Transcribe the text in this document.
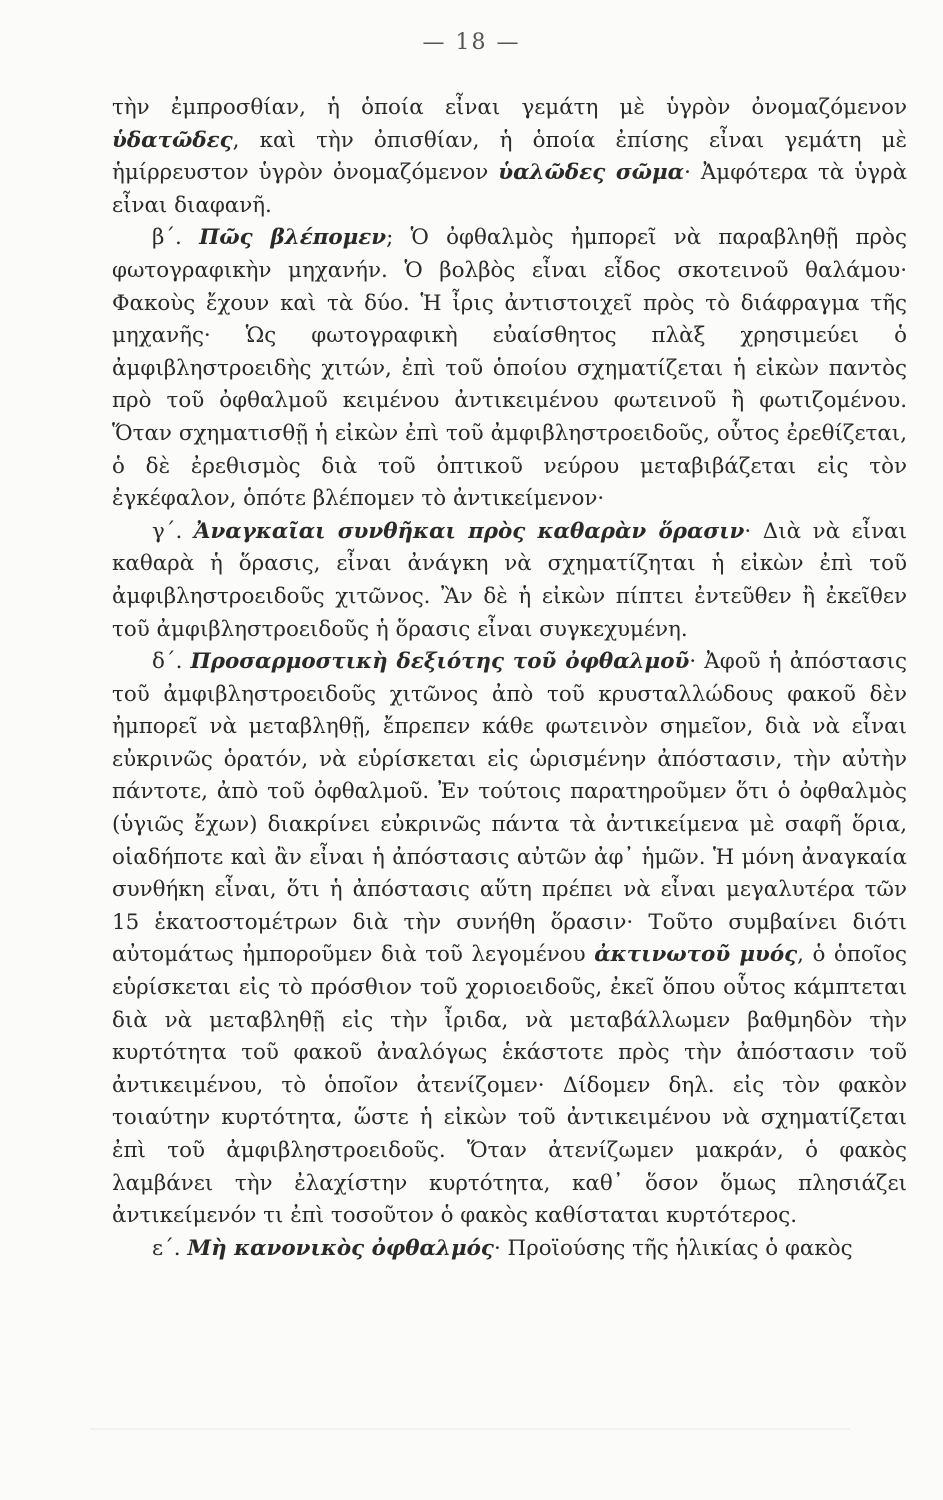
— 18 —

τὴν ἐμπροσθίαν, ἡ ὁποία εἶναι γεμάτη μὲ ὑγρὸν ὀνομαζόμενον ὑδατῶδες, καὶ τὴν ὀπισθίαν, ἡ ὁποία ἐπίσης εἶναι γεμάτη μὲ ἡμίρρευστον ὑγρὸν ὀνομαζόμενον ὑαλῶδες σῶμα· Ἀμφότερα τὰ ὑγρὰ εἶναι διαφανῆ.

β΄. Πῶς βλέπομεν; Ὁ ὀφθαλμὸς ἠμπορεῖ νὰ παραβληθῇ πρὸς φωτογραφικὴν μηχανήν. Ὁ βολβὸς εἶναι εἶδος σκοτεινοῦ θαλάμου· Φακοὺς ἔχουν καὶ τὰ δύο. Ἡ ἶρις ἀντιστοιχεῖ πρὸς τὸ διάφραγμα τῆς μηχανῆς· Ὡς φωτογραφικὴ εὐαίσθητος πλὰξ χρησιμεύει ὁ ἀμφιβληστροειδὴς χιτών, ἐπὶ τοῦ ὁποίου σχηματίζεται ἡ εἰκὼν παντὸς πρὸ τοῦ ὀφθαλμοῦ κειμένου ἀντικειμένου φωτεινοῦ ἢ φωτιζομένου. Ὅταν σχηματισθῇ ἡ εἰκὼν ἐπὶ τοῦ ἀμφιβληστροειδοῦς, οὗτος ἐρεθίζεται, ὁ δὲ ἐρεθισμὸς διὰ τοῦ ὀπτικοῦ νεύρου μεταβιβάζεται εἰς τὸν ἐγκέφαλον, ὁπότε βλέπομεν τὸ ἀντικείμενον·

γ΄. Ἀναγκαῖαι συνθῆκαι πρὸς καθαρὰν ὅρασιν· Διὰ νὰ εἶναι καθαρὰ ἡ ὅρασις, εἶναι ἀνάγκη νὰ σχηματίζηται ἡ εἰκὼν ἐπὶ τοῦ ἀμφιβληστροειδοῦς χιτῶνος. Ἂν δὲ ἡ εἰκὼν πίπτει ἐντεῦθεν ἢ ἐκεῖθεν τοῦ ἀμφιβληστροειδοῦς ἡ ὅρασις εἶναι συγκεχυμένη.

δ΄. Προσαρμοστικὴ δεξιότης τοῦ ὀφθαλμοῦ· Ἀφοῦ ἡ ἀπόστασις τοῦ ἀμφιβληστροειδοῦς χιτῶνος ἀπὸ τοῦ κρυσταλλώδους φακοῦ δὲν ἠμπορεῖ νὰ μεταβληθῇ, ἔπρεπεν κάθε φωτεινὸν σημεῖον, διὰ νὰ εἶναι εὐκρινῶς ὁρατόν, νὰ εὑρίσκεται εἰς ὡρισμένην ἀπόστασιν, τὴν αὐτὴν πάντοτε, ἀπὸ τοῦ ὀφθαλμοῦ. Ἐν τούτοις παρατηροῦμεν ὅτι ὁ ὀφθαλμὸς (ὑγιῶς ἔχων) διακρίνει εὐκρινῶς πάντα τὰ ἀντικείμενα μὲ σαφῆ ὅρια, οἱαδήποτε καὶ ἂν εἶναι ἡ ἀπόστασις αὐτῶν ἀφ᾽ ἡμῶν. Ἡ μόνη ἀναγκαία συνθήκη εἶναι, ὅτι ἡ ἀπόστασις αὕτη πρέπει νὰ εἶναι μεγαλυτέρα τῶν 15 ἑκατοστομέτρων διὰ τὴν συνήθη ὅρασιν· Τοῦτο συμβαίνει διότι αὐτομάτως ἠμποροῦμεν διὰ τοῦ λεγομένου ἀκτινωτοῦ μυός, ὁ ὁποῖος εὑρίσκεται εἰς τὸ πρόσθιον τοῦ χοριοειδοῦς, ἐκεῖ ὅπου οὗτος κάμπτεται διὰ νὰ μεταβληθῇ εἰς τὴν ἶριδα, νὰ μεταβάλλωμεν βαθμηδὸν τὴν κυρτότητα τοῦ φακοῦ ἀναλόγως ἑκάστοτε πρὸς τὴν ἀπόστασιν τοῦ ἀντικειμένου, τὸ ὁποῖον ἀτενίζομεν· Δίδομεν δηλ. εἰς τὸν φακὸν τοιαύτην κυρτότητα, ὥστε ἡ εἰκὼν τοῦ ἀντικειμένου νὰ σχηματίζεται ἐπὶ τοῦ ἀμφιβληστροειδοῦς. Ὅταν ἀτενίζωμεν μακράν, ὁ φακὸς λαμβάνει τὴν ἐλαχίστην κυρτότητα, καθ᾽ ὅσον ὅμως πλησιάζει ἀντικείμενόν τι ἐπὶ τοσοῦτον ὁ φακὸς καθίσταται κυρτότερος.

ε΄. Μὴ κανονικὸς ὀφθαλμός· Προϊούσης τῆς ἡλικίας ὁ φακὸς
